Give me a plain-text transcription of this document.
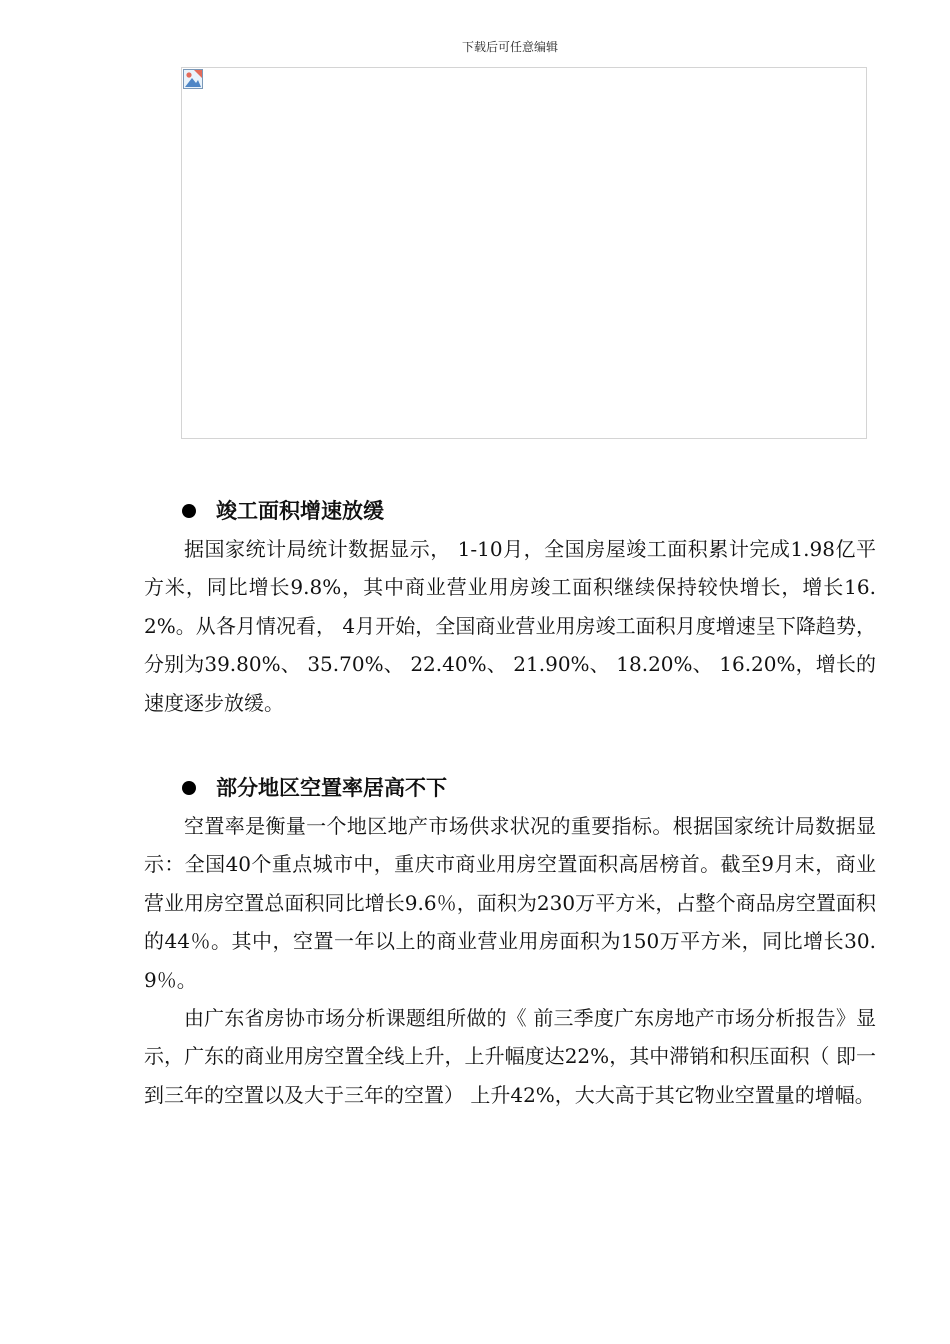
下载后可任意编辑
竣工面积增速放缓

据国家统计局统计数据显示， 1-10月，全国房屋竣工面积累计完成1.98亿平方米，同比增长9.8%，其中商业营业用房竣工面积继续保持较快增长，增长16.2%。从各月情况看， 4月开始，全国商业营业用房竣工面积月度增速呈下降趋势，分别为39.80%、 35.70%、 22.40%、 21.90%、 18.20%、 16.20%，增长的速度逐步放缓。

部分地区空置率居高不下

空置率是衡量一个地区地产市场供求状况的重要指标。根据国家统计局数据显示：全国40个重点城市中，重庆市商业用房空置面积高居榜首。截至9月末，商业营业用房空置总面积同比增长9.6％，面积为230万平方米，占整个商品房空置面积的44％。其中，空置一年以上的商业营业用房面积为150万平方米，同比增长30.9％。

由广东省房协市场分析课题组所做的《 前三季度广东房地产市场分析报告》显示，广东的商业用房空置全线上升，上升幅度达22%，其中滞销和积压面积（ 即一到三年的空置以及大于三年的空置） 上升42%，大大高于其它物业空置量的增幅。
